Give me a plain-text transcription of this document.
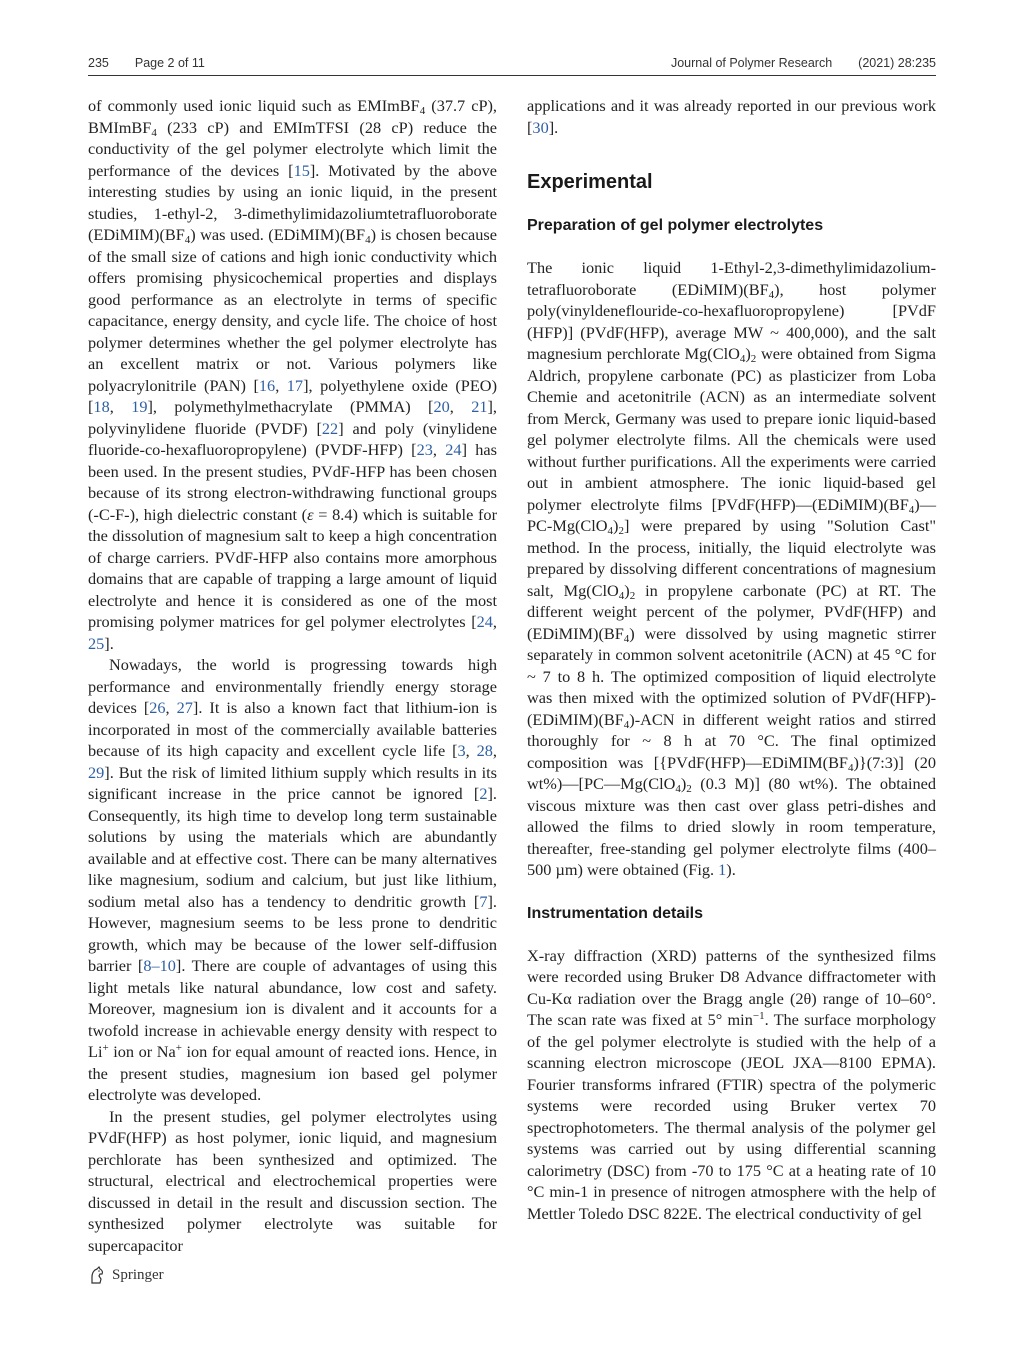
235 Page 2 of 11	Journal of Polymer Research (2021) 28:235

of commonly used ionic liquid such as EMImBF$_4$ (37.7 cP), BMImBF$_4$ (233 cP) and EMImTFSI (28 cP) reduce the conductivity of the gel polymer electrolyte which limit the performance of the devices [15]. Motivated by the above interesting studies by using an ionic liquid, in the present studies, 1-ethyl-2, 3-dimethylimidazoliumtetrafluoroborate $(EDiMIM)(BF_4)$ was used. $(EDiMIM)(BF_4)$ is chosen because of the small size of cations and high ionic conductivity which offers promising physicochemical properties and displays good performance as an electrolyte in terms of specific capacitance, energy density, and cycle life. The choice of host polymer determines whether the gel polymer electrolyte has an excellent matrix or not. Various polymers like polyacrylonitrile (PAN) [16, 17], polyethylene oxide (PEO) [18, 19], polymethylmethacrylate (PMMA) [20, 21], polyvinylidene fluoride (PVDF) [22] and poly (vinylidene fluoride-co-hexafluoropropylene) (PVDF-HFP) [23, 24] has been used. In the present studies, PVdF-HFP has been chosen because of its strong electron-withdrawing functional groups (-C-F-), high dielectric constant (ε = 8.4) which is suitable for the dissolution of magnesium salt to keep a high concentration of charge carriers. PVdF-HFP also contains more amorphous domains that are capable of trapping a large amount of liquid electrolyte and hence it is considered as one of the most promising polymer matrices for gel polymer electrolytes [24, 25].

Nowadays, the world is progressing towards high performance and environmentally friendly energy storage devices [26, 27]. It is also a known fact that lithium-ion is incorporated in most of the commercially available batteries because of its high capacity and excellent cycle life [3, 28, 29]. But the risk of limited lithium supply which results in its significant increase in the price cannot be ignored [2]. Consequently, its high time to develop long term sustainable solutions by using the materials which are abundantly available and at effective cost. There can be many alternatives like magnesium, sodium and calcium, but just like lithium, sodium metal also has a tendency to dendritic growth [7]. However, magnesium seems to be less prone to dendritic growth, which may be because of the lower self-diffusion barrier [8–10]. There are couple of advantages of using this light metals like natural abundance, low cost and safety. Moreover, magnesium ion is divalent and it accounts for a twofold increase in achievable energy density with respect to Li+ ion or Na+ ion for equal amount of reacted ions. Hence, in the present studies, magnesium ion based gel polymer electrolyte was developed.

In the present studies, gel polymer electrolytes using PVdF(HFP) as host polymer, ionic liquid, and magnesium perchlorate has been synthesized and optimized. The structural, electrical and electrochemical properties were discussed in detail in the result and discussion section. The synthesized polymer electrolyte was suitable for supercapacitor

applications and it was already reported in our previous work [30].

Experimental
Preparation of gel polymer electrolytes

The ionic liquid 1-Ethyl-2,3-dimethylimidazoliumtetrafluoroborate $(EDiMIM)(BF_4)$, host polymer poly(vinyldeneflouride-co-hexafluoropropylene) [PVdF (HFP)] (PVdF(HFP), average MW ~ 400,000), and the salt magnesium perchlorate $Mg(ClO_4)_2$ were obtained from Sigma Aldrich, propylene carbonate (PC) as plasticizer from Loba Chemie and acetonitrile (ACN) as an intermediate solvent from Merck, Germany was used to prepare ionic liquid-based gel polymer electrolyte films. All the chemicals were used without further purifications. All the experiments were carried out in ambient atmosphere. The ionic liquid-based gel polymer electrolyte films $[PVdF(HFP)—(EDiMIM)(BF_4)—PC-Mg(ClO_4)_2]$ were prepared by using "Solution Cast" method. In the process, initially, the liquid electrolyte was prepared by dissolving different concentrations of magnesium salt, $Mg(ClO_4)_2$ in propylene carbonate (PC) at RT. The different weight percent of the polymer, PVdF(HFP) and $(EDiMIM)(BF_4)$ were dissolved by using magnetic stirrer separately in common solvent acetonitrile (ACN) at 45 °C for ~ 7 to 8 h. The optimized composition of liquid electrolyte was then mixed with the optimized solution of $PVdF(HFP)-(EDiMIM)(BF_4)$-ACN in different weight ratios and stirred thoroughly for ~ 8 h at 70 °C. The final optimized composition was $[\{PVdF(HFP)—EDiMIM(BF_4)\}(7:3)]$ (20 $wt\%)—[PC—Mg(ClO_4)_2$ (0.3 M)] (80 wt%). The obtained viscous mixture was then cast over glass petri-dishes and allowed the films to dried slowly in room temperature, thereafter, free-standing gel polymer electrolyte films (400–500 µm) were obtained (Fig. 1).

Instrumentation details

X-ray diffraction (XRD) patterns of the synthesized films were recorded using Bruker D8 Advance diffractometer with Cu-Kα radiation over the Bragg angle (2θ) range of 10–60°. The scan rate was fixed at 5° $\min^{-1}$. The surface morphology of the gel polymer electrolyte is studied with the help of a scanning electron microscope (JEOL JXA—8100 EPMA). Fourier transforms infrared (FTIR) spectra of the polymeric systems were recorded using Bruker vertex 70 spectrophotometers. The thermal analysis of the polymer gel systems was carried out by using differential scanning calorimetry (DSC) from -70 to 175 °C at a heating rate of 10 °C min-1 in presence of nitrogen atmosphere with the help of Mettler Toledo DSC 822E. The electrical conductivity of gel

Springer
